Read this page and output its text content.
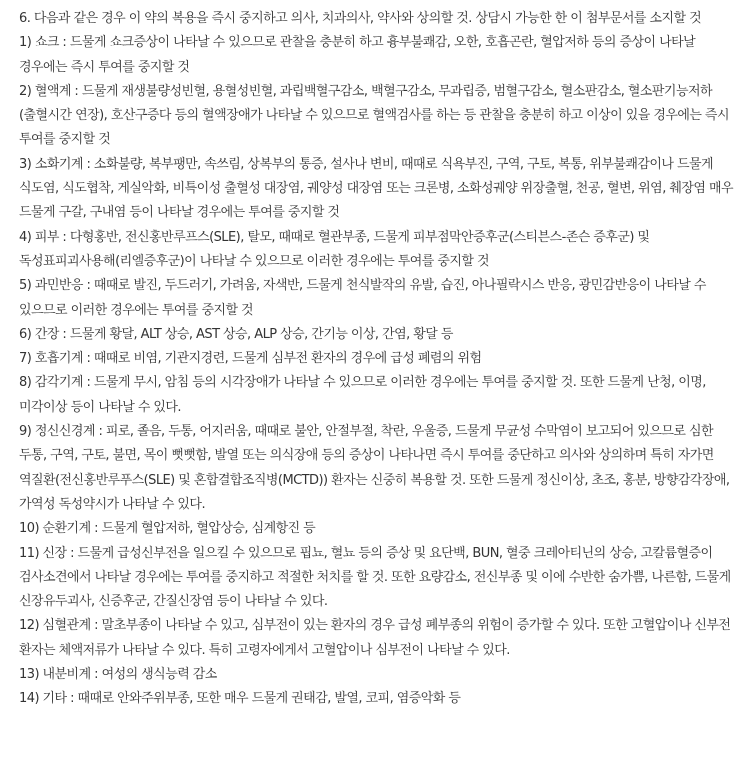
6. 다음과 같은 경우 이 약의 복용을 즉시 중지하고 의사, 치과의사, 약사와 상의할 것. 상담시 가능한 한 이 첨부문서를 소지할 것

1) 쇼크 : 드물게 쇼크증상이 나타날 수 있으므로 관찰을 충분히 하고 흉부불쾌감, 오한, 호흡곤란, 혈압저하 등의 증상이 나타날 경우에는 즉시 투여를 중지할 것

2) 혈액계 : 드물게 재생불량성빈혈, 용혈성빈혈, 과립백혈구감소, 백혈구감소, 무과립증, 범혈구감소, 혈소판감소, 혈소판기능저하(출혈시간 연장), 호산구증다 등의 혈액장애가 나타날 수 있으므로 혈액검사를 하는 등 관찰을 충분히 하고 이상이 있을 경우에는 즉시 투여를 중지할 것

3) 소화기계 : 소화불량, 복부팽만, 속쓰림, 상복부의 통증, 설사나 변비, 때때로 식욕부진, 구역, 구토, 복통, 위부불쾌감이나 드물게 식도염, 식도협착, 게실악화, 비특이성 출혈성 대장염, 궤양성 대장염 또는 크론병, 소화성궤양 위장출혈, 천공, 혈변, 위염, 췌장염 매우 드물게 구갈, 구내염 등이 나타날 경우에는 투여를 중지할 것

4) 피부 : 다형홍반, 전신홍반루프스(SLE), 탈모, 때때로 혈관부종, 드물게 피부점막안증후군(스티븐스-존슨 증후군) 및 독성표피괴사용해(리엘증후군)이 나타날 수 있으므로 이러한 경우에는 투여를 중지할 것

5) 과민반응 : 때때로 발진, 두드러기, 가려움, 자색반, 드물게 천식발작의 유발, 습진, 아나필락시스 반응, 광민감반응이 나타날 수 있으므로 이러한 경우에는 투여를 중지할 것

6) 간장 : 드물게 황달, ALT 상승, AST 상승, ALP 상승, 간기능 이상, 간염, 황달 등

7) 호흡기계 : 때때로 비염, 기관지경련, 드물게 심부전 환자의 경우에 급성 폐렴의 위험

8) 감각기계 : 드물게 무시, 암침 등의 시각장애가 나타날 수 있으므로 이러한 경우에는 투여를 중지할 것. 또한 드물게 난청, 이명, 미각이상 등이 나타날 수 있다.

9) 정신신경계 : 피로, 졸음, 두통, 어지러움, 때때로 불안, 안절부절, 착란, 우울증, 드물게 무균성 수막염이 보고되어 있으므로 심한 두통, 구역, 구토, 불면, 목이 뻣뻣함, 발열 또는 의식장애 등의 증상이 나타나면 즉시 투여를 중단하고 의사와 상의하며 특히 자가면 역질환(전신홍반루푸스(SLE) 및 혼합결합조직병(MCTD)) 환자는 신중히 복용할 것. 또한 드물게 정신이상, 초조, 홍분, 방향감각장애, 가역성 독성약시가 나타날 수 있다.

10) 순환기계 : 드물게 혈압저하, 혈압상승, 심계항진 등

11) 신장 : 드물게 급성신부전을 일으킬 수 있으므로 핍뇨, 혈뇨 등의 증상 및 요단백, BUN, 혈중 크레아티닌의 상승, 고칼륨혈증이 검사소견에서 나타날 경우에는 투여를 중지하고 적절한 처치를 할 것. 또한 요량감소, 전신부종 및 이에 수반한 숨가쁨, 나른함, 드물게 신장유두괴사, 신증후군, 간질신장염 등이 나타날 수 있다.

12) 심혈관계 : 말초부종이 나타날 수 있고, 심부전이 있는 환자의 경우 급성 폐부종의 위험이 증가할 수 있다. 또한 고혈압이나 신부전 환자는 체액저류가 나타날 수 있다. 특히 고령자에게서 고혈압이나 심부전이 나타날 수 있다.

13) 내분비계 : 여성의 생식능력 감소

14) 기타 : 때때로 안와주위부종, 또한 매우 드물게 권태감, 발열, 코피, 염증악화 등
